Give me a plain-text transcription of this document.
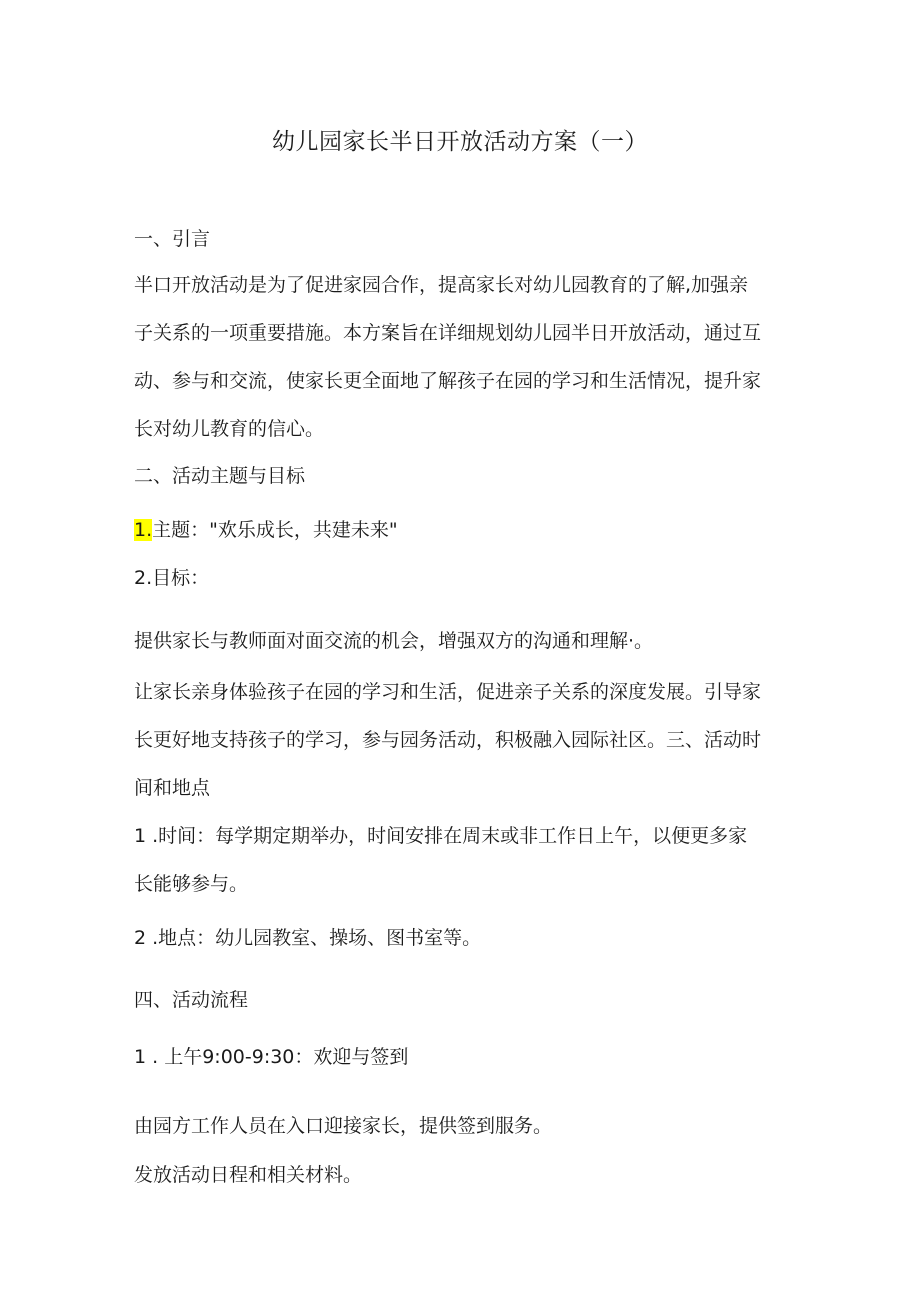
幼儿园家长半日开放活动方案（一）
一、引言
半口开放活动是为了促进家园合作，提高家长对幼儿园教育的了解,加强亲
子关系的一项重要措施。本方案旨在详细规划幼儿园半日开放活动，通过互
动、参与和交流，使家长更全面地了解孩子在园的学习和生活情况，提升家
长对幼儿教育的信心。
二、活动主题与目标
1.主题："欢乐成长，共建未来"
2.目标：
提供家长与教师面对面交流的机会，增强双方的沟通和理解·。
让家长亲身体验孩子在园的学习和生活，促进亲子关系的深度发展。引导家
长更好地支持孩子的学习，参与园务活动，积极融入园际社区。三、活动时
间和地点
1 .时间：每学期定期举办，时间安排在周末或非工作日上午，以便更多家
长能够参与。
2 .地点：幼儿园教室、操场、图书室等。
四、活动流程
1 . 上午9:00-9:30：欢迎与签到
由园方工作人员在入口迎接家长，提供签到服务。
发放活动日程和相关材料。
